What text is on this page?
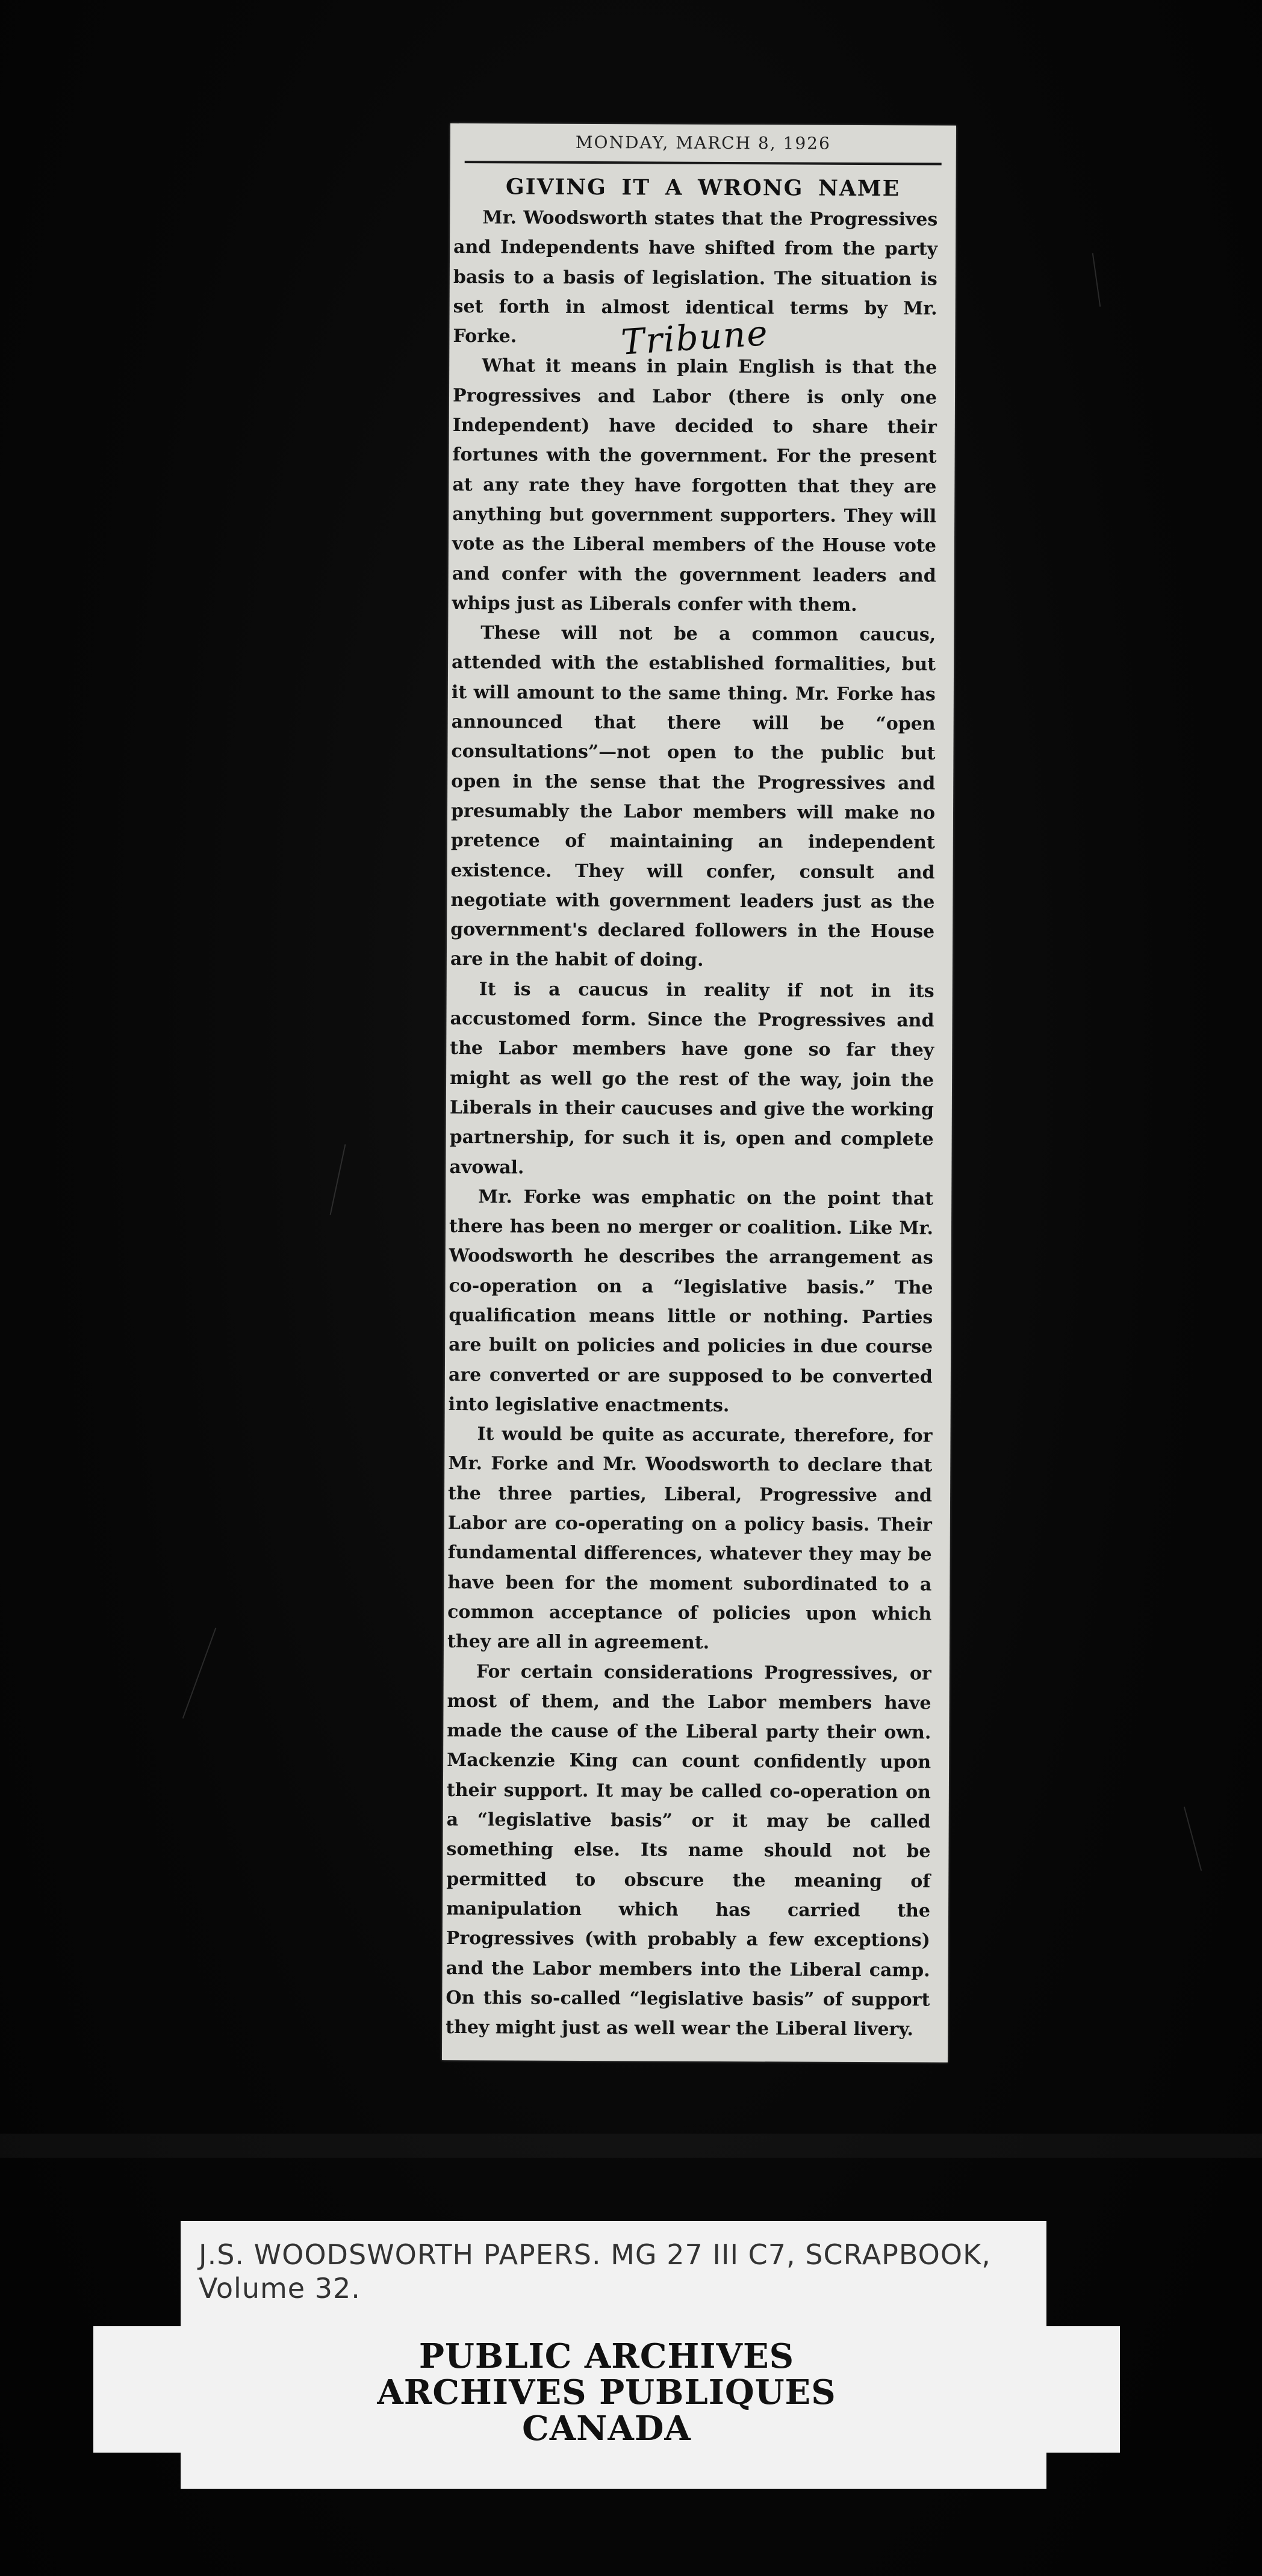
MONDAY, MARCH 8, 1926
GIVING IT A WRONG NAME

Mr. Woodsworth states that the Progressives and Independents have shifted from the party basis to a basis of legislation. The situation is set forth in almost identical terms by Mr. Forke.

What it means in plain English is that the Progressives and Labor (there is only one Independent) have decided to share their fortunes with the government. For the present at any rate they have forgotten that they are anything but government supporters. They will vote as the Liberal members of the House vote and confer with the government leaders and whips just as Liberals confer with them.

These will not be a common caucus, attended with the established formalities, but it will amount to the same thing. Mr. Forke has announced that there will be “open consultations”—not open to the public but open in the sense that the Progressives and presumably the Labor members will make no pretence of maintaining an independent existence. They will confer, consult and negotiate with government leaders just as the government's declared followers in the House are in the habit of doing.

It is a caucus in reality if not in its accustomed form. Since the Progressives and the Labor members have gone so far they might as well go the rest of the way, join the Liberals in their caucuses and give the working partnership, for such it is, open and complete avowal.

Mr. Forke was emphatic on the point that there has been no merger or coalition. Like Mr. Woodsworth he describes the arrangement as co-operation on a “legislative basis.” The qualification means little or nothing. Parties are built on policies and policies in due course are converted or are supposed to be converted into legislative enactments.

It would be quite as accurate, therefore, for Mr. Forke and Mr. Woodsworth to declare that the three parties, Liberal, Progressive and Labor are co-operating on a policy basis. Their fundamental differences, whatever they may be have been for the moment subordinated to a common acceptance of policies upon which they are all in agreement.

For certain considerations Progressives, or most of them, and the Labor members have made the cause of the Liberal party their own. Mackenzie King can count confidently upon their support. It may be called co-operation on a “legislative basis” or it may be called something else. Its name should not be permitted to obscure the meaning of manipulation which has carried the Progressives (with probably a few exceptions) and the Labor members into the Liberal camp. On this so-called “legislative basis” of support they might just as well wear the Liberal livery.

Tribune
J.S. WOODSWORTH PAPERS. MG 27 III C7, SCRAPBOOK,
Volume 32.
PUBLIC ARCHIVES
ARCHIVES PUBLIQUES
CANADA
